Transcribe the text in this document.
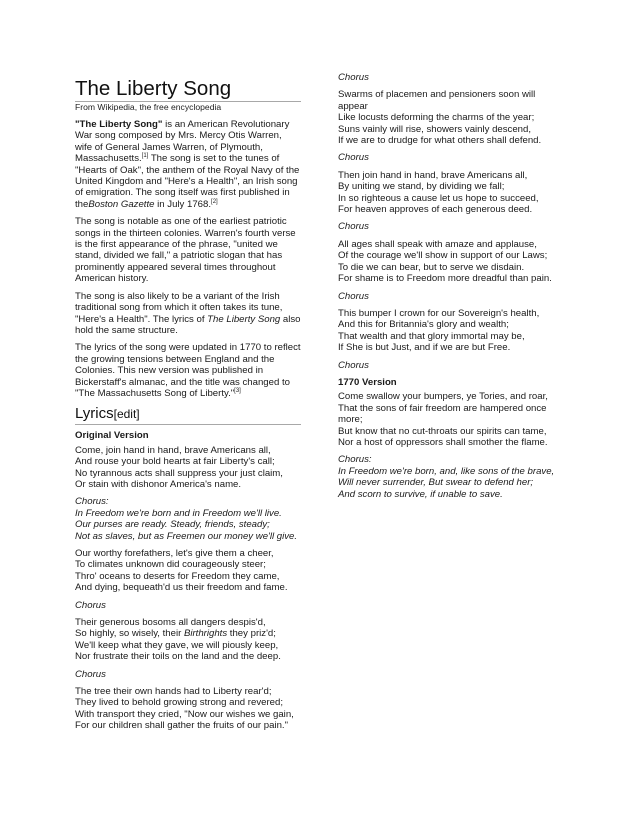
The Liberty Song
From Wikipedia, the free encyclopedia

"The Liberty Song" is an American Revolutionary War song composed by Mrs. Mercy Otis Warren, wife of General James Warren, of Plymouth, Massachusetts.[1] The song is set to the tunes of "Hearts of Oak", the anthem of the Royal Navy of the United Kingdom and "Here's a Health", an Irish song of emigration. The song itself was first published in theBoston Gazette in July 1768.[2]

The song is notable as one of the earliest patriotic songs in the thirteen colonies. Warren's fourth verse is the first appearance of the phrase, "united we stand, divided we fall," a patriotic slogan that has prominently appeared several times throughout American history.

The song is also likely to be a variant of the Irish traditional song from which it often takes its tune, "Here's a Health". The lyrics of The Liberty Song also hold the same structure.

The lyrics of the song were updated in 1770 to reflect the growing tensions between England and the Colonies. This new version was published in Bickerstaff's almanac, and the title was changed to "The Massachusetts Song of Liberty."[3]

Lyrics[edit]
Original Version
Come, join hand in hand, brave Americans all,
And rouse your bold hearts at fair Liberty's call;
No tyrannous acts shall suppress your just claim,
Or stain with dishonor America's name.
Chorus:
In Freedom we're born and in Freedom we'll live.
Our purses are ready. Steady, friends, steady;
Not as slaves, but as Freemen our money we'll give.
Our worthy forefathers, let's give them a cheer,
To climates unknown did courageously steer;
Thro' oceans to deserts for Freedom they came,
And dying, bequeath'd us their freedom and fame.
Chorus
Their generous bosoms all dangers despis'd,
So highly, so wisely, their Birthrights they priz'd;
We'll keep what they gave, we will piously keep,
Nor frustrate their toils on the land and the deep.
Chorus
The tree their own hands had to Liberty rear'd;
They lived to behold growing strong and revered;
With transport they cried, "Now our wishes we gain,
For our children shall gather the fruits of our pain."
Chorus
Swarms of placemen and pensioners soon will appear
Like locusts deforming the charms of the year;
Suns vainly will rise, showers vainly descend,
If we are to drudge for what others shall defend.
Chorus
Then join hand in hand, brave Americans all,
By uniting we stand, by dividing we fall;
In so righteous a cause let us hope to succeed,
For heaven approves of each generous deed.
Chorus
All ages shall speak with amaze and applause,
Of the courage we'll show in support of our Laws;
To die we can bear, but to serve we disdain.
For shame is to Freedom more dreadful than pain.
Chorus
This bumper I crown for our Sovereign's health,
And this for Britannia's glory and wealth;
That wealth and that glory immortal may be,
If She is but Just, and if we are but Free.
Chorus
1770 Version
Come swallow your bumpers, ye Tories, and roar,
That the sons of fair freedom are hampered once more;
But know that no cut-throats our spirits can tame,
Nor a host of oppressors shall smother the flame.
Chorus:
In Freedom we're born, and, like sons of the brave,
Will never surrender, But swear to defend her;
And scorn to survive, if unable to save.
